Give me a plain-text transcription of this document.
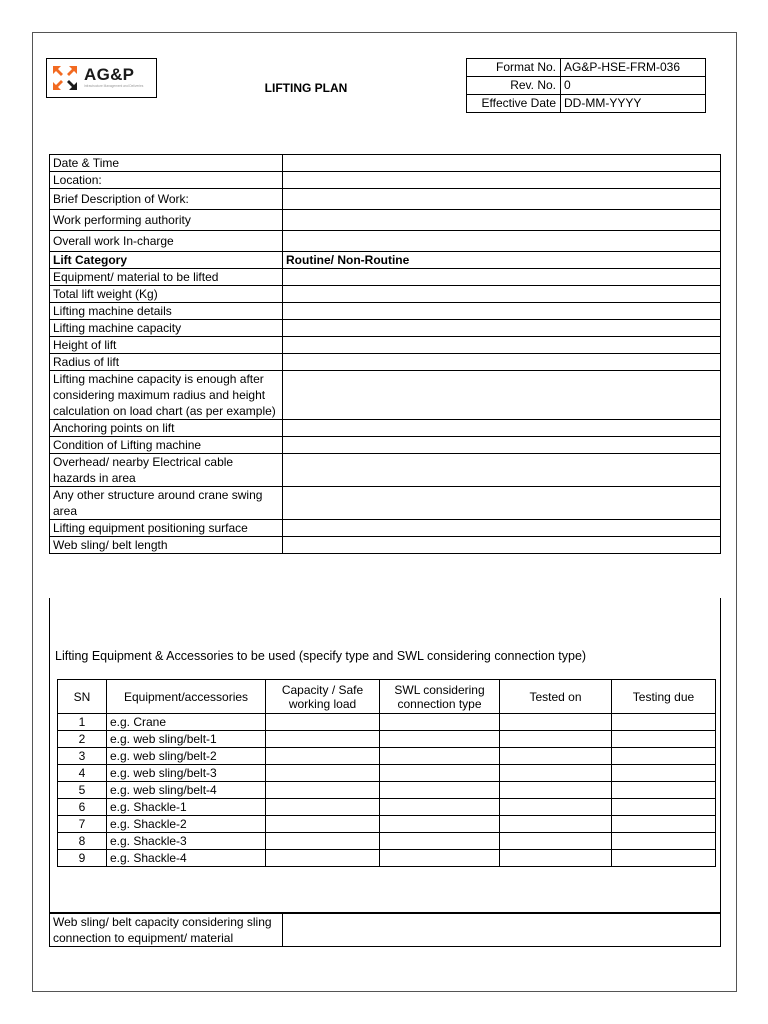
AG&P
Infrastructure Management and Deliveries	LIFTING PLAN
Format No.	AG&P-HSE-FRM-036
Rev. No.	0
Effective Date	DD-MM-YYYY
Date & Time	
Location:	
Brief Description of Work:	
Work performing authority	
Overall work In-charge	
Lift Category	Routine/ Non-Routine
Equipment/ material to be lifted	
Total lift weight (Kg)	
Lifting machine details	
Lifting machine capacity	
Height of lift	
Radius of lift	
Lifting machine capacity is enough after considering maximum radius and height calculation on load chart (as per example)	
Anchoring points on lift	
Condition of Lifting machine	
Overhead/ nearby Electrical cable hazards in area	
Any other structure around crane swing area	
Lifting equipment positioning surface	
Web sling/ belt length	
Lifting Equipment & Accessories to be used (specify type and SWL considering connection type)
SN	Equipment/accessories	Capacity / Safe working load	SWL considering connection type	Tested on	Testing due
1	e.g. Crane				
2	e.g. web sling/belt-1				
3	e.g. web sling/belt-2				
4	e.g. web sling/belt-3				
5	e.g. web sling/belt-4				
6	e.g. Shackle-1				
7	e.g. Shackle-2				
8	e.g. Shackle-3				
9	e.g. Shackle-4				
Web sling/ belt capacity considering sling connection to equipment/ material	
